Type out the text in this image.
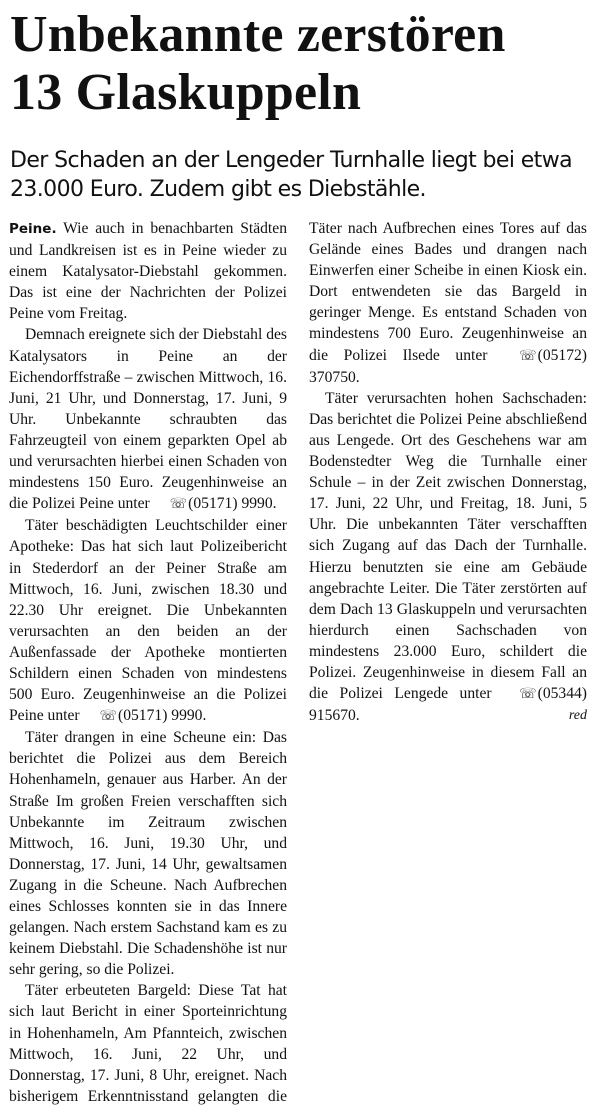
Unbekannte zerstören
13 Glaskuppeln

Der Schaden an der Lengeder Turnhalle liegt bei etwa 23.000 Euro. Zudem gibt es Diebstähle.

Peine. Wie auch in benachbarten Städten und Landkreisen ist es in Peine wieder zu einem Katalysator-Diebstahl gekommen. Das ist eine der Nachrichten der Polizei Peine vom Freitag.

Demnach ereignete sich der Diebstahl des Katalysators in Peine an der Eichendorffstraße – zwischen Mittwoch, 16. Juni, 21 Uhr, und Donnerstag, 17. Juni, 9 Uhr. Unbekannte schraubten das Fahrzeugteil von einem geparkten Opel ab und verursachten hierbei einen Schaden von mindestens 150 Euro. Zeugenhinweise an die Polizei Peine unter ☏(05171) 9990.

Täter beschädigten Leuchtschilder einer Apotheke: Das hat sich laut Polizeibericht in Stederdorf an der Peiner Straße am Mittwoch, 16. Juni, zwischen 18.30 und 22.30 Uhr ereignet. Die Unbekannten verursachten an den beiden an der Außenfassade der Apotheke montierten Schildern einen Schaden von mindestens 500 Euro. Zeugenhinweise an die Polizei Peine unter ☏(05171) 9990.

Täter drangen in eine Scheune ein: Das berichtet die Polizei aus dem Bereich Hohenhameln, genauer aus Harber. An der Straße Im großen Freien verschafften sich Unbekannte im Zeitraum zwischen Mittwoch, 16. Juni, 19.30 Uhr, und Donnerstag, 17. Juni, 14 Uhr, gewaltsamen Zugang in die Scheune. Nach Aufbrechen eines Schlosses konnten sie in das Innere gelangen. Nach erstem Sachstand kam es zu keinem Diebstahl. Die Schadenshöhe ist nur sehr gering, so die Polizei.

Täter erbeuteten Bargeld: Diese Tat hat sich laut Bericht in einer Sporteinrichtung in Hohenhameln, Am Pfannteich, zwischen Mittwoch, 16. Juni, 22 Uhr, und Donnerstag, 17. Juni, 8 Uhr, ereignet. Nach bisherigem Erkenntnisstand gelangten die Täter nach Aufbrechen eines Tores auf das Gelände eines Bades und drangen nach Einwerfen einer Scheibe in einen Kiosk ein. Dort entwendeten sie das Bargeld in geringer Menge. Es entstand Schaden von mindestens 700 Euro. Zeugenhinweise an die Polizei Ilsede unter ☏(05172) 370750.

Täter verursachten hohen Sachschaden: Das berichtet die Polizei Peine abschließend aus Lengede. Ort des Geschehens war am Bodenstedter Weg die Turnhalle einer Schule – in der Zeit zwischen Donnerstag, 17. Juni, 22 Uhr, und Freitag, 18. Juni, 5 Uhr. Die unbekannten Täter verschafften sich Zugang auf das Dach der Turnhalle. Hierzu benutzten sie eine am Gebäude angebrachte Leiter. Die Täter zerstörten auf dem Dach 13 Glaskuppeln und verursachten hierdurch einen Sachschaden von mindestens 23.000 Euro, schildert die Polizei. Zeugenhinweise in diesem Fall an die Polizei Lengede unter ☏(05344) 915670.	red
